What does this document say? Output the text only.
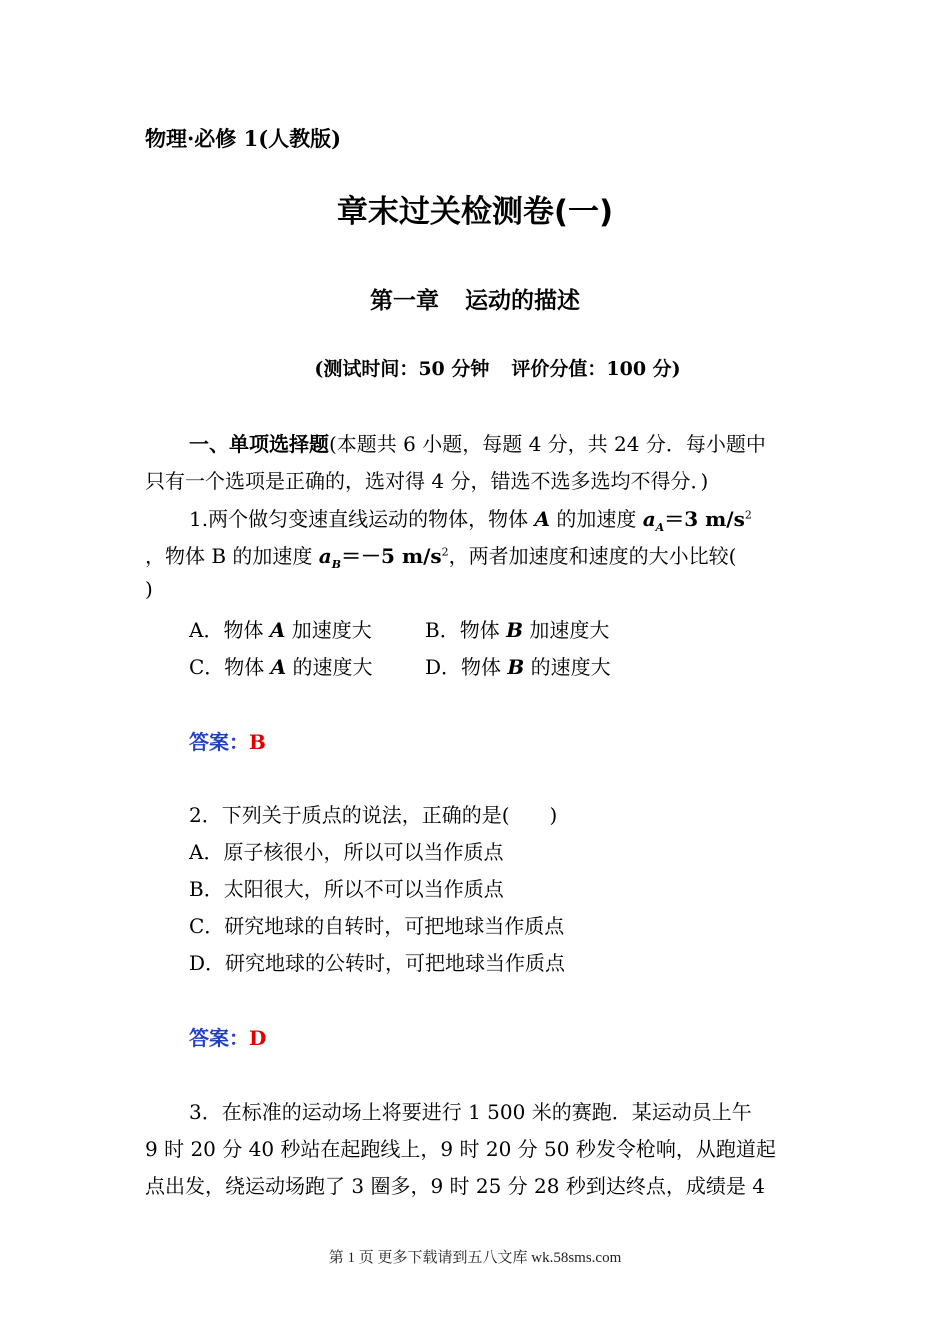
物理·必修 1(人教版)
章末过关检测卷(一)
第一章 运动的描述
(测试时间：50 分钟 评价分值：100 分)
一、单项选择题(本题共 6 小题，每题 4 分，共 24 分．每小题中
只有一个选项是正确的，选对得 4 分，错选不选多选均不得分．)
1.两个做匀变速直线运动的物体，物体 A 的加速度 $a_A=3$ $m/s^2$
，物体 B 的加速度 $a_B=-5$ $m/s^2$，两者加速度和速度的大小比较(
)
A．物体 A 加速度大	B．物体 B 加速度大
C．物体 A 的速度大	D．物体 B 的速度大
答案：B
2．下列关于质点的说法，正确的是(　　)
A．原子核很小，所以可以当作质点
B．太阳很大，所以不可以当作质点
C．研究地球的自转时，可把地球当作质点
D．研究地球的公转时，可把地球当作质点
答案：D
3．在标准的运动场上将要进行 1 500 米的赛跑．某运动员上午
9 时 20 分 40 秒站在起跑线上，9 时 20 分 50 秒发令枪响，从跑道起
点出发，绕运动场跑了 3 圈多，9 时 25 分 28 秒到达终点，成绩是 4
第 1 页 更多下载请到五八文库 wk.58sms.com
